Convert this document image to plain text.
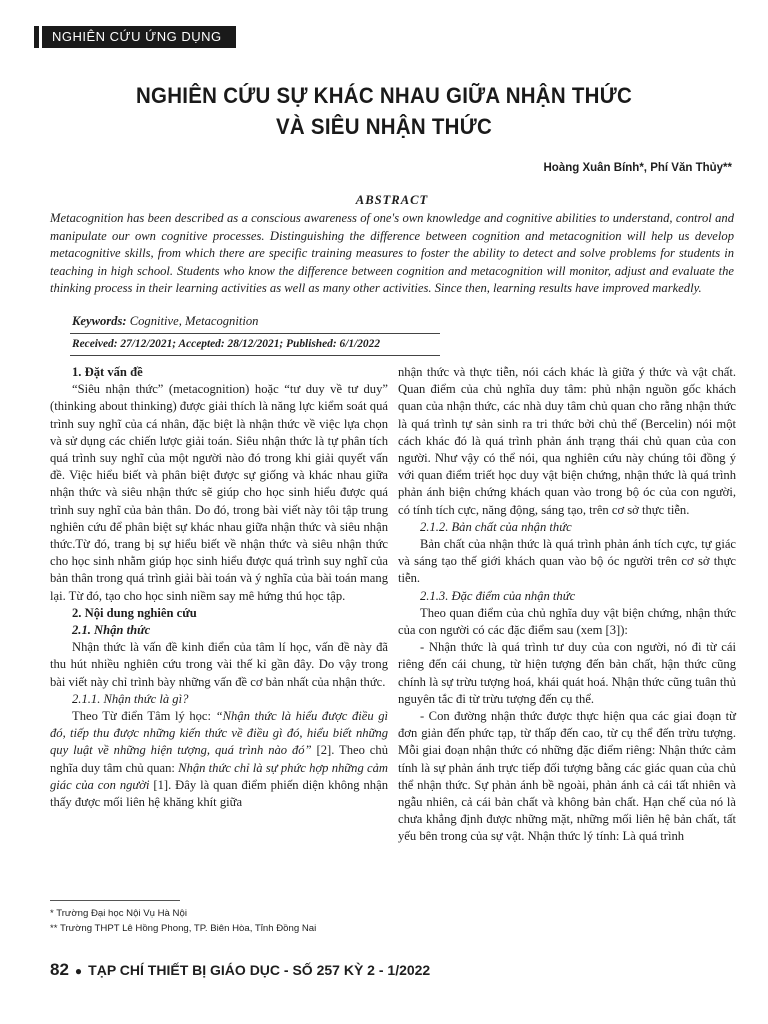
NGHIÊN CỨU ỨNG DỤNG
NGHIÊN CỨU SỰ KHÁC NHAU GIỮA NHẬN THỨC
VÀ SIÊU NHẬN THỨC
Hoàng Xuân Bính*, Phí Văn Thủy**
ABSTRACT
Metacognition has been described as a conscious awareness of one's own knowledge and cognitive abilities to understand, control and manipulate our own cognitive processes. Distinguishing the difference between cognition and metacognition will help us develop metacognitive skills, from which there are specific training measures to foster the ability to detect and solve problems for students in teaching in high school. Students who know the difference between cognition and metacognition will monitor, adjust and evaluate the thinking process in their learning activities as well as many other activities. Since then, learning results have improved markedly.
Keywords: Cognitive, Metacognition
Received: 27/12/2021; Accepted: 28/12/2021; Published: 6/1/2022
1. Đặt vấn đề

“Siêu nhận thức” (metacognition) hoặc “tư duy về tư duy” (thinking about thinking) được giải thích là năng lực kiểm soát quá trình suy nghĩ của cá nhân, đặc biệt là nhận thức về việc lựa chọn và sử dụng các chiến lược giải toán. Siêu nhận thức là tự phân tích quá trình suy nghĩ của một người nào đó trong khi giải quyết vấn đề. Việc hiểu biết và phân biệt được sự giống và khác nhau giữa nhận thức và siêu nhận thức sẽ giúp cho học sinh hiểu được quá trình suy nghĩ của bản thân. Do đó, trong bài viết này tôi tập trung nghiên cứu để phân biệt sự khác nhau giữa nhận thức và siêu nhận thức.Từ đó, trang bị sự hiểu biết về nhận thức và siêu nhận thức cho học sinh nhằm giúp học sinh hiểu được quá trình suy nghĩ của bản thân trong quá trình giải bài toán và ý nghĩa của bài toán mang lại. Từ đó, tạo cho học sinh niềm say mê hứng thú học tập.

2. Nội dung nghiên cứu

2.1. Nhận thức

Nhận thức là vấn đề kinh điển của tâm lí học, vấn đề này đã thu hút nhiều nghiên cứu trong vài thế kỉ gần đây. Do vậy trong bài viết này chỉ trình bày những vấn đề cơ bản nhất của nhận thức.

2.1.1. Nhận thức là gì?

Theo Từ điển Tâm lý học: “Nhận thức là hiểu được điều gì đó, tiếp thu được những kiến thức về điều gì đó, hiểu biết những quy luật về những hiện tượng, quá trình nào đó” [2]. Theo chủ nghĩa duy tâm chủ quan: Nhận thức chỉ là sự phức hợp những cảm giác của con người [1]. Đây là quan điểm phiến diện không nhận thấy được mối liên hệ khăng khít giữa

nhận thức và thực tiễn, nói cách khác là giữa ý thức và vật chất. Quan điểm của chủ nghĩa duy tâm: phủ nhận nguồn gốc khách quan của nhận thức, các nhà duy tâm chủ quan cho rằng nhận thức là quá trình tự sản sinh ra tri thức bởi chủ thể (Bercelin) nói một cách khác đó là quá trình phản ánh trạng thái chủ quan của con người. Như vậy có thể nói, qua nghiên cứu này chúng tôi đồng ý với quan điểm triết học duy vật biện chứng, nhận thức là quá trình phản ánh biện chứng khách quan vào trong bộ óc của con người, có tính tích cực, năng động, sáng tạo, trên cơ sở thực tiễn.

2.1.2. Bản chất của nhận thức

Bản chất của nhận thức là quá trình phản ánh tích cực, tự giác và sáng tạo thế giới khách quan vào bộ óc người trên cơ sở thực tiễn.

2.1.3. Đặc điểm của nhận thức

Theo quan điểm của chủ nghĩa duy vật biện chứng, nhận thức của con người có các đặc điểm sau (xem [3]):

- Nhận thức là quá trình tư duy của con người, nó đi từ cái riêng đến cái chung, từ hiện tượng đến bản chất, hận thức cũng chính là sự trừu tượng hoá, khái quát hoá. Nhận thức cũng tuân thủ nguyên tắc đi từ trừu tượng đến cụ thể.

- Con đường nhận thức được thực hiện qua các giai đoạn từ đơn giản đến phức tạp, từ thấp đến cao, từ cụ thể đến trừu tượng. Mỗi giai đoạn nhận thức có những đặc điểm riêng: Nhận thức cảm tính là sự phản ánh trực tiếp đối tượng bằng các giác quan của chủ thể nhận thức. Sự phản ánh bề ngoài, phản ánh cả cái tất nhiên và ngẫu nhiên, cả cái bản chất và không bản chất. Hạn chế của nó là chưa khẳng định được những mặt, những mối liên hệ bản chất, tất yếu bên trong của sự vật. Nhận thức lý tính: Là quá trình

* Trường Đại học Nội Vụ Hà Nội
** Trường THPT Lê Hồng Phong, TP. Biên Hòa, Tỉnh Đồng Nai
82 ● TẠP CHÍ THIẾT BỊ GIÁO DỤC - SỐ 257 KỲ 2 - 1/2022
